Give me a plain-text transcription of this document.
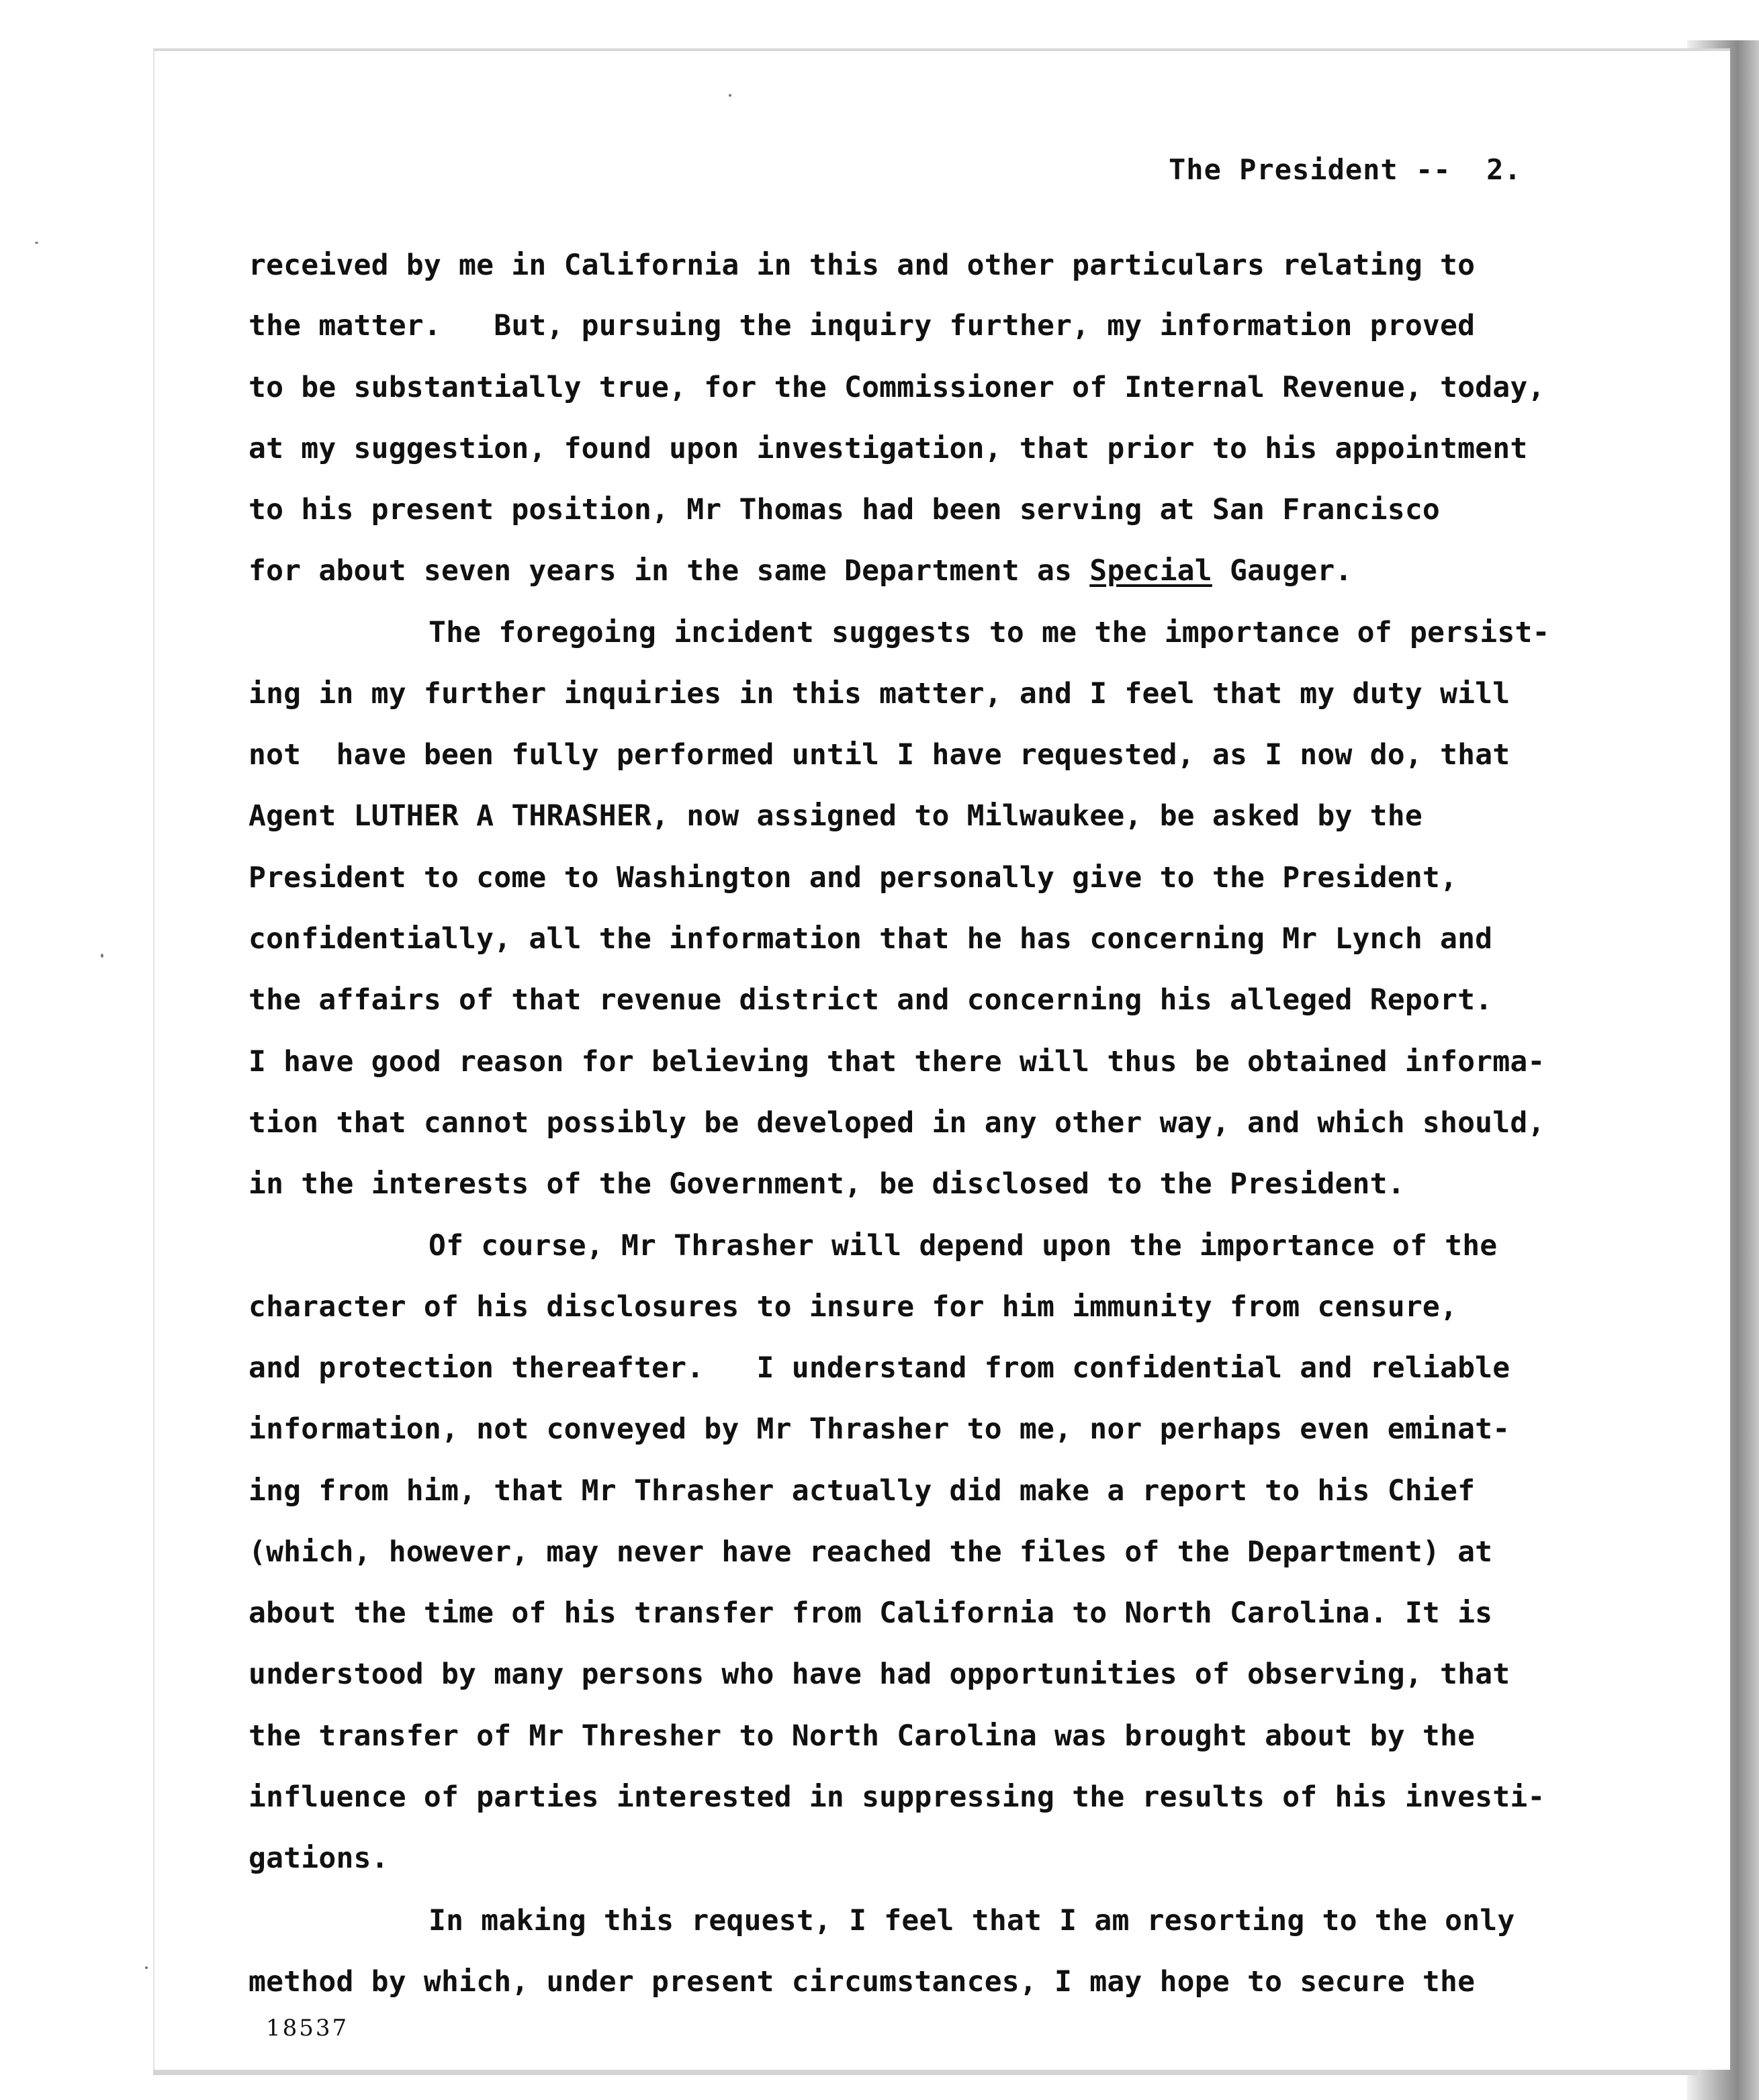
The President --  2.
received by me in California in this and other particulars relating to
the matter.   But, pursuing the inquiry further, my information proved
to be substantially true, for the Commissioner of Internal Revenue, today,
at my suggestion, found upon investigation, that prior to his appointment
to his present position, Mr Thomas had been serving at San Francisco
for about seven years in the same Department as Special Gauger.
The foregoing incident suggests to me the importance of persist-
ing in my further inquiries in this matter, and I feel that my duty will
not  have been fully performed until I have requested, as I now do, that
Agent LUTHER A THRASHER, now assigned to Milwaukee, be asked by the
President to come to Washington and personally give to the President,
confidentially, all the information that he has concerning Mr Lynch and
the affairs of that revenue district and concerning his alleged Report.
I have good reason for believing that there will thus be obtained informa-
tion that cannot possibly be developed in any other way, and which should,
in the interests of the Government, be disclosed to the President.
Of course, Mr Thrasher will depend upon the importance of the
character of his disclosures to insure for him immunity from censure,
and protection thereafter.   I understand from confidential and reliable
information, not conveyed by Mr Thrasher to me, nor perhaps even eminat-
ing from him, that Mr Thrasher actually did make a report to his Chief
(which, however, may never have reached the files of the Department) at
about the time of his transfer from California to North Carolina. It is
understood by many persons who have had opportunities of observing, that
the transfer of Mr Thresher to North Carolina was brought about by the
influence of parties interested in suppressing the results of his investi-
gations.
In making this request, I feel that I am resorting to the only
method by which, under present circumstances, I may hope to secure the
18537
